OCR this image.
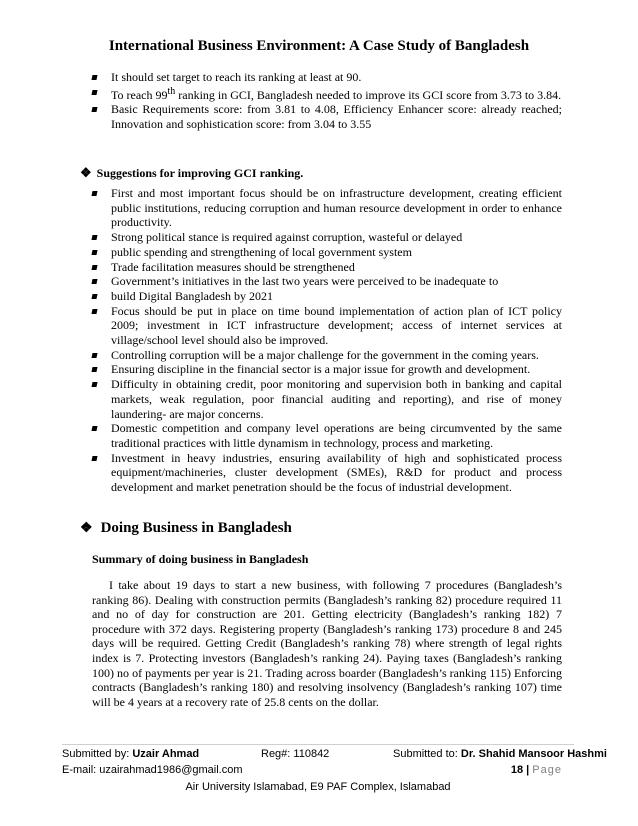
International Business Environment: A Case Study of Bangladesh
It should set target to reach its ranking at least at 90.
To reach 99th ranking in GCI, Bangladesh needed to improve its GCI score from 3.73 to 3.84.
Basic Requirements score: from 3.81 to 4.08, Efficiency Enhancer score: already reached; Innovation and sophistication score: from 3.04 to 3.55
❖ Suggestions for improving GCI ranking.
First and most important focus should be on infrastructure development, creating efficient public institutions, reducing corruption and human resource development in order to enhance productivity.
Strong political stance is required against corruption, wasteful or delayed
public spending and strengthening of local government system
Trade facilitation measures should be strengthened
Government’s initiatives in the last two years were perceived to be inadequate to
build Digital Bangladesh by 2021
Focus should be put in place on time bound implementation of action plan of ICT policy 2009; investment in ICT infrastructure development; access of internet services at village/school level should also be improved.
Controlling corruption will be a major challenge for the government in the coming years.
Ensuring discipline in the financial sector is a major issue for growth and development.
Difficulty in obtaining credit, poor monitoring and supervision both in banking and capital markets, weak regulation, poor financial auditing and reporting), and rise of money laundering- are major concerns.
Domestic competition and company level operations are being circumvented by the same traditional practices with little dynamism in technology, process and marketing.
Investment in heavy industries, ensuring availability of high and sophisticated process equipment/machineries, cluster development (SMEs), R&D for product and process development and market penetration should be the focus of industrial development.
❖ Doing Business in Bangladesh
Summary of doing business in Bangladesh

I take about 19 days to start a new business, with following 7 procedures (Bangladesh’s ranking 86). Dealing with construction permits (Bangladesh’s ranking 82) procedure required 11 and no of day for construction are 201. Getting electricity (Bangladesh’s ranking 182) 7 procedure with 372 days. Registering property (Bangladesh’s ranking 173) procedure 8 and 245 days will be required. Getting Credit (Bangladesh’s ranking 78) where strength of legal rights index is 7. Protecting investors (Bangladesh’s ranking 24). Paying taxes (Bangladesh’s ranking 100) no of payments per year is 21. Trading across boarder (Bangladesh’s ranking 115) Enforcing contracts (Bangladesh’s ranking 180) and resolving insolvency (Bangladesh’s ranking 107) time will be 4 years at a recovery rate of 25.8 cents on the dollar.

Submitted by: Uzair Ahmad	Reg#: 110842	Submitted to: Dr. Shahid Mansoor Hashmi
E-mail: uzairahmad1986@gmail.com	18 | Page
Air University Islamabad, E9 PAF Complex, Islamabad
